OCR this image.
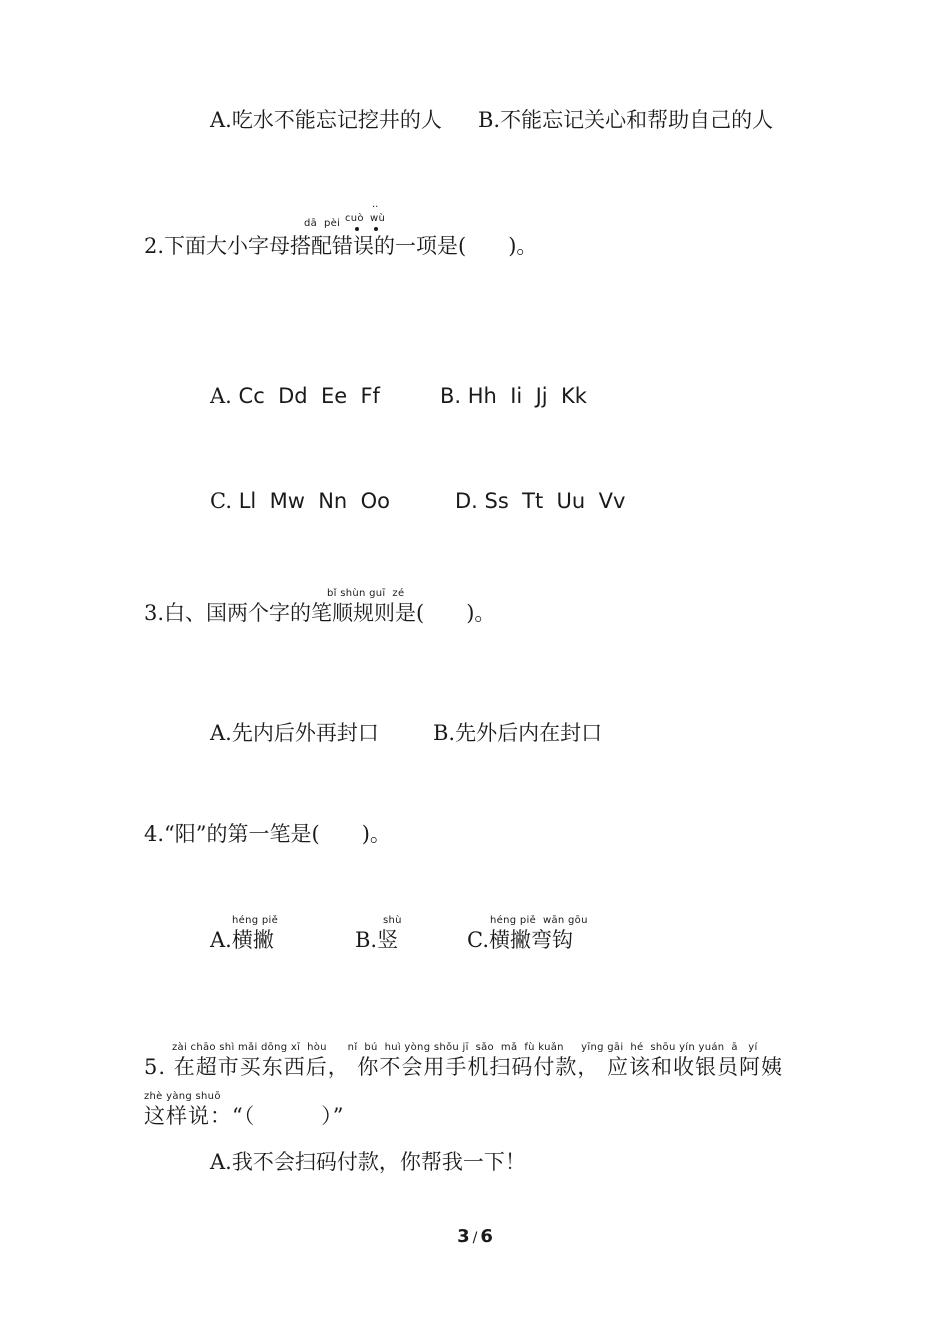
A.吃水不能忘记挖井的人 B.不能忘记关心和帮助自己的人
..
dā pèi cuò wù
2.下面大小字母搭配错误的一项是(　　)。
A. Cc  Dd  Ee  Ff	B. Hh  Ii  Jj  Kk
C. Ll  Mw  Nn  Oo	D. Ss  Tt  Uu  Vv
bǐ shùn guī  zé
3.白、国两个字的笔顺规则是(　　)。
A.先内后外再封口	B.先外后内在封口
4.“阳”的第一笔是(　　)。
héng piě	shù	héng piě  wān gōu
A.横撇	B.竖	C.横撇弯钩
zài chāo shì mǎi dōng xī  hòu      nǐ  bú  huì yòng shǒu jī  sǎo  mǎ  fù kuǎn     yīng gāi  hé  shōu yín yuán  ā   yí
5. 在超市买东西后， 你不会用手机扫码付款， 应该和收银员阿姨
zhè yàng shuō
这样说：“（　　　）”
A.我不会扫码付款，你帮我一下！
3 / 6
